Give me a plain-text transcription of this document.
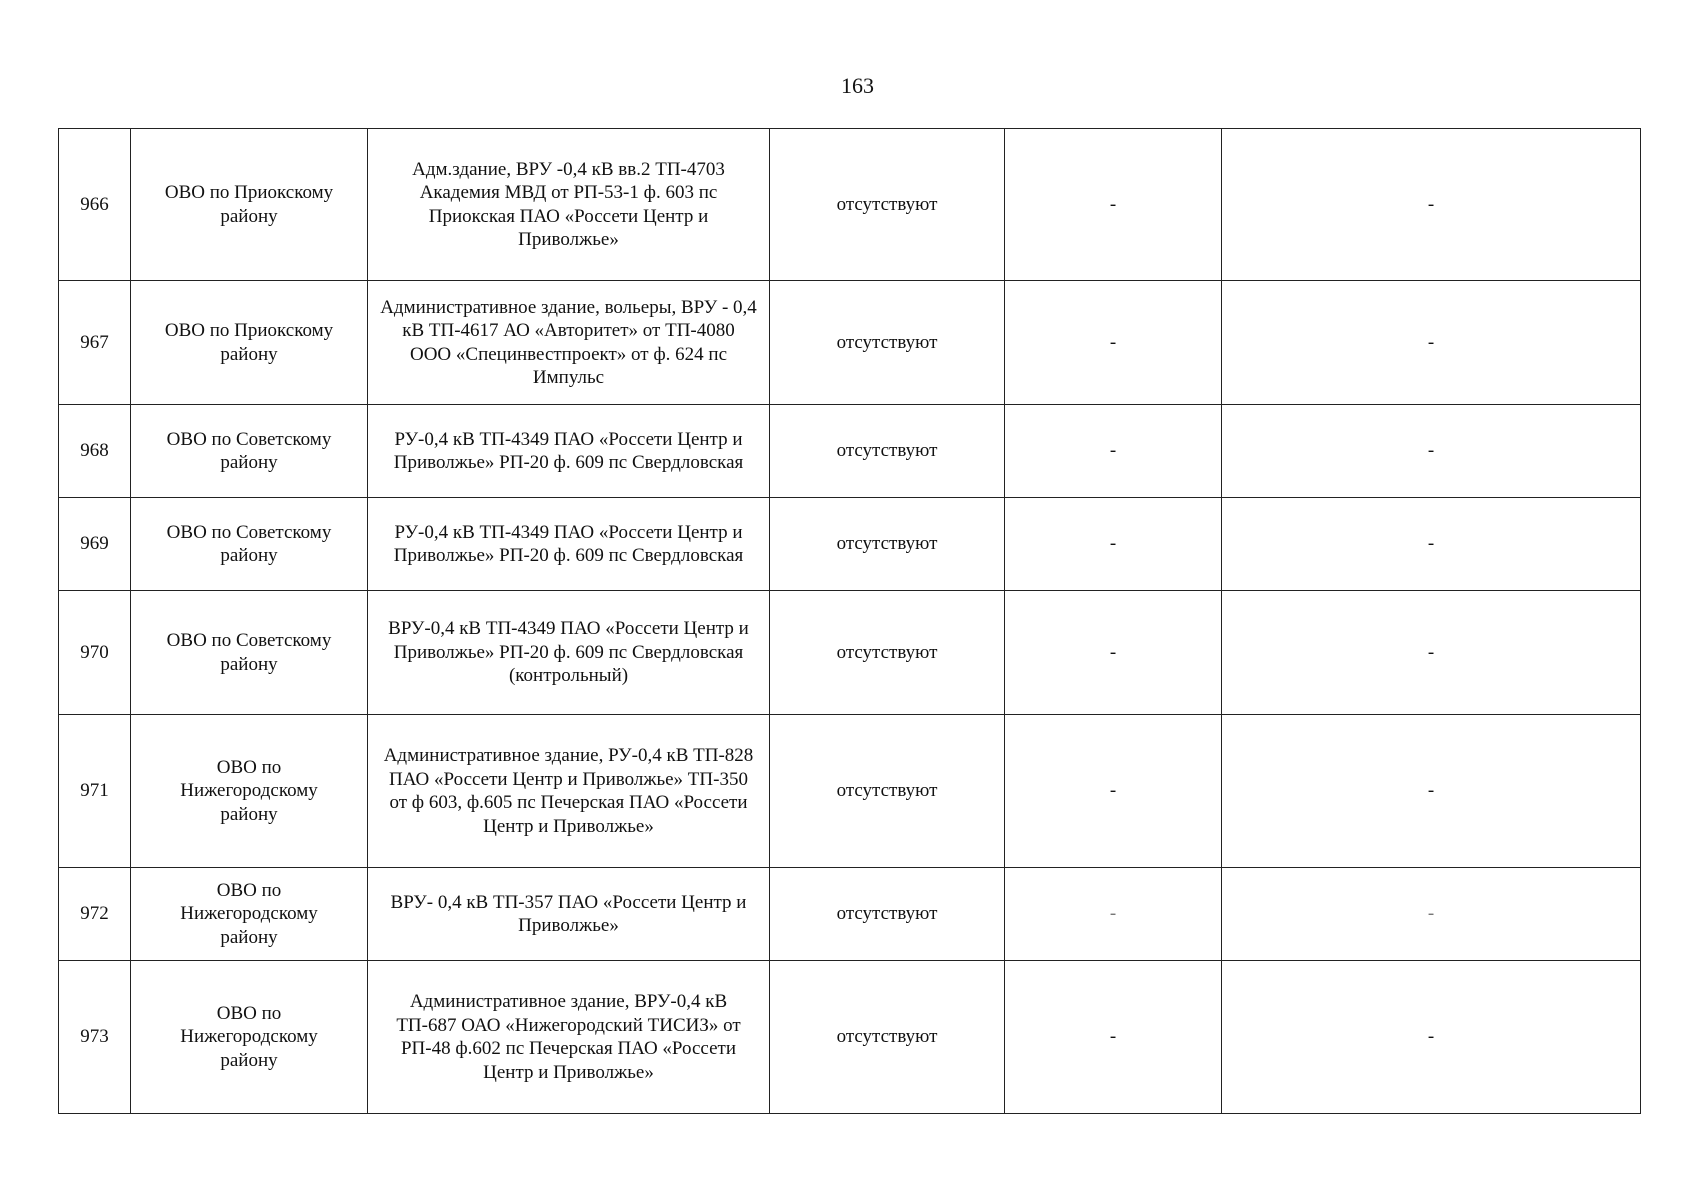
163
966	ОВО по Приокскому району	Адм.здание, ВРУ -0,4 кВ вв.2 ТП-4703 Академия МВД от РП-53-1 ф. 603 пс Приокская ПАО «Россети Центр и Приволжье»	отсутствуют	-	-
967	ОВО по Приокскому району	Административное здание, вольеры, ВРУ - 0,4 кВ ТП-4617 АО «Авторитет» от ТП-4080 ООО «Специнвестпроект» от ф. 624 пс Импульс	отсутствуют	-	-
968	ОВО по Советскому району	РУ-0,4 кВ ТП-4349 ПАО «Россети Центр и Приволжье» РП-20 ф. 609 пс Свердловская	отсутствуют	-	-
969	ОВО по Советскому району	РУ-0,4 кВ ТП-4349 ПАО «Россети Центр и Приволжье» РП-20 ф. 609 пс Свердловская	отсутствуют	-	-
970	ОВО по Советскому району	ВРУ-0,4 кВ ТП-4349 ПАО «Россети Центр и Приволжье» РП-20 ф. 609 пс Свердловская (контрольный)	отсутствуют	-	-
971	ОВО по Нижегородскому району	Административное здание, РУ-0,4 кВ ТП-828 ПАО «Россети Центр и Приволжье» ТП-350 от ф 603, ф.605 пс Печерская ПАО «Россети Центр и Приволжье»	отсутствуют	-	-
972	ОВО по Нижегородскому району	ВРУ- 0,4 кВ ТП-357 ПАО «Россети Центр и Приволжье»	отсутствуют	-	-
973	ОВО по Нижегородскому району	Административное здание, ВРУ-0,4 кВ ТП-687 ОАО «Нижегородский ТИСИЗ» от РП-48 ф.602 пс Печерская ПАО «Россети Центр и Приволжье»	отсутствуют	-	-
